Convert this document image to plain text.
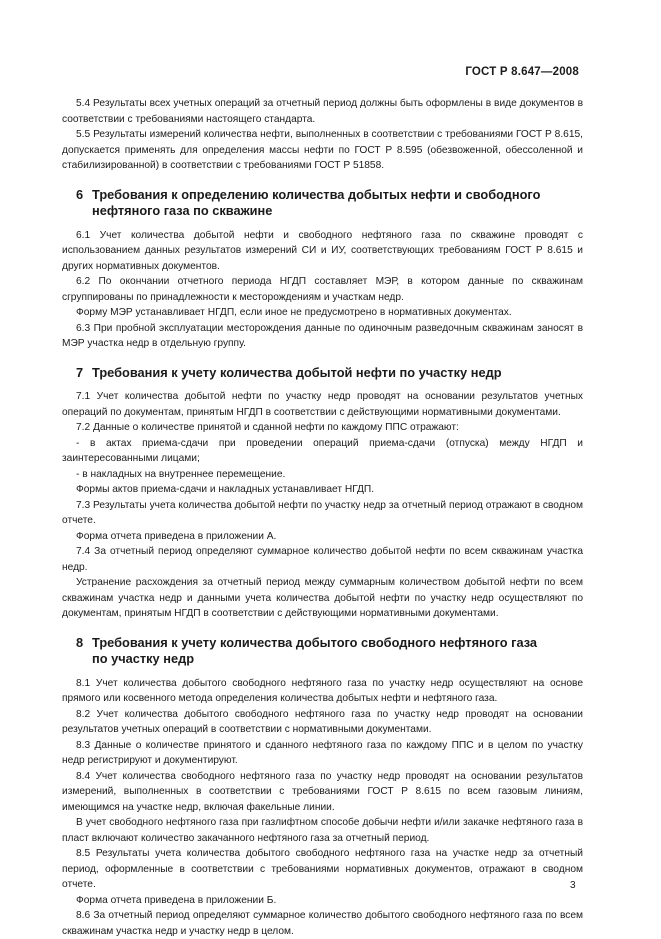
ГОСТ Р 8.647—2008

5.4 Результаты всех учетных операций за отчетный период должны быть оформлены в виде документов в соответствии с требованиями настоящего стандарта.

5.5 Результаты измерений количества нефти, выполненных в соответствии с требованиями ГОСТ Р 8.615, допускается применять для определения массы нефти по ГОСТ Р 8.595 (обезвоженной, обессоленной и стабилизированной) в соответствии с требованиями ГОСТ Р 51858.

6 Требования к определению количества добытых нефти и свободного
нефтяного газа по скважине

6.1 Учет количества добытой нефти и свободного нефтяного газа по скважине проводят с использованием данных результатов измерений СИ и ИУ, соответствующих требованиям ГОСТ Р 8.615 и других нормативных документов.

6.2 По окончании отчетного периода НГДП составляет МЭР, в котором данные по скважинам сгруппированы по принадлежности к месторождениям и участкам недр.

Форму МЭР устанавливает НГДП, если иное не предусмотрено в нормативных документах.

6.3 При пробной эксплуатации месторождения данные по одиночным разведочным скважинам заносят в МЭР участка недр в отдельную группу.

7 Требования к учету количества добытой нефти по участку недр

7.1 Учет количества добытой нефти по участку недр проводят на основании результатов учетных операций по документам, принятым НГДП в соответствии с действующими нормативными документами.

7.2 Данные о количестве принятой и сданной нефти по каждому ППС отражают:

- в актах приема-сдачи при проведении операций приема-сдачи (отпуска) между НГДП и заинтересованными лицами;

- в накладных на внутреннее перемещение.

Формы актов приема-сдачи и накладных устанавливает НГДП.

7.3 Результаты учета количества добытой нефти по участку недр за отчетный период отражают в сводном отчете.

Форма отчета приведена в приложении А.

7.4 За отчетный период определяют суммарное количество добытой нефти по всем скважинам участка недр.

Устранение расхождения за отчетный период между суммарным количеством добытой нефти по всем скважинам участка недр и данными учета количества добытой нефти по участку недр осуществляют по документам, принятым НГДП в соответствии с действующими нормативными документами.

8 Требования к учету количества добытого свободного нефтяного газа
по участку недр

8.1 Учет количества добытого свободного нефтяного газа по участку недр осуществляют на основе прямого или косвенного метода определения количества добытых нефти и нефтяного газа.

8.2 Учет количества добытого свободного нефтяного газа по участку недр проводят на основании результатов учетных операций в соответствии с нормативными документами.

8.3 Данные о количестве принятого и сданного нефтяного газа по каждому ППС и в целом по участку недр регистрируют и документируют.

8.4 Учет количества свободного нефтяного газа по участку недр проводят на основании результатов измерений, выполненных в соответствии с требованиями ГОСТ Р 8.615 по всем газовым линиям, имеющимся на участке недр, включая факельные линии.

В учет свободного нефтяного газа при газлифтном способе добычи нефти и/или закачке нефтяного газа в пласт включают количество закачанного нефтяного газа за отчетный период.

8.5 Результаты учета количества добытого свободного нефтяного газа на участке недр за отчетный период, оформленные в соответствии с требованиями нормативных документов, отражают в сводном отчете.

Форма отчета приведена в приложении Б.

8.6 За отчетный период определяют суммарное количество добытого свободного нефтяного газа по всем скважинам участка недр и участку недр в целом.

3
